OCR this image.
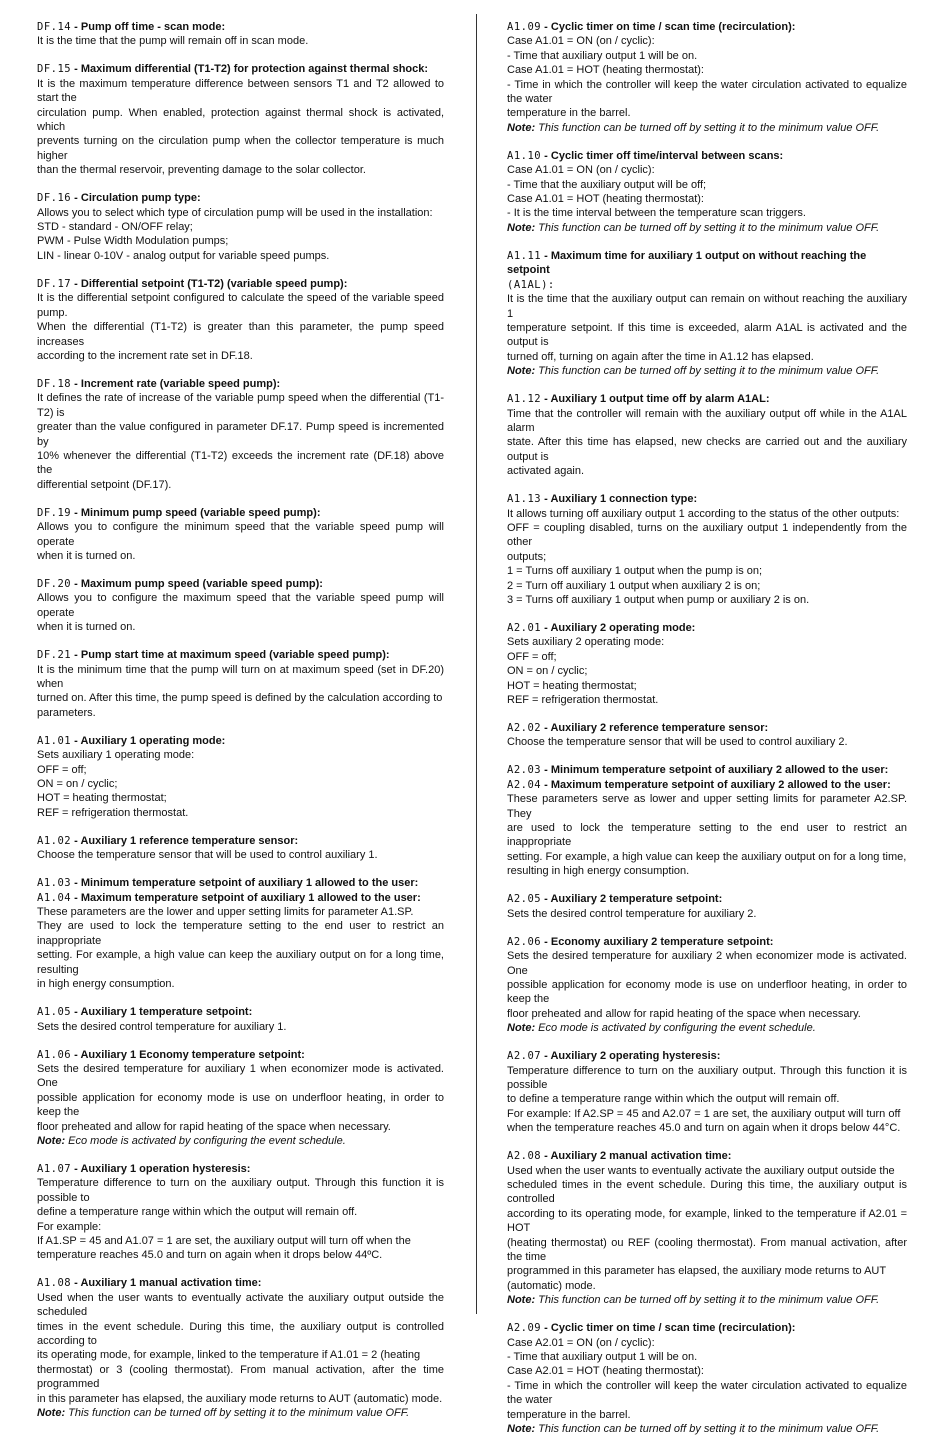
DF.14 - Pump off time - scan mode:
It is the time that the pump will remain off in scan mode.
DF.15 - Maximum differential (T1-T2) for protection against thermal shock:
It is the maximum temperature difference between sensors T1 and T2 allowed to start the
circulation pump. When enabled, protection against thermal shock is activated, which
prevents turning on the circulation pump when the collector temperature is much higher
than the thermal reservoir, preventing damage to the solar collector.
DF.16 - Circulation pump type:
Allows you to select which type of circulation pump will be used in the installation:
STD - standard - ON/OFF relay;
PWM - Pulse Width Modulation pumps;
LIN - linear 0-10V - analog output for variable speed pumps.
DF.17 - Differential setpoint (T1-T2) (variable speed pump):
It is the differential setpoint configured to calculate the speed of the variable speed pump.
When the differential (T1-T2) is greater than this parameter, the pump speed increases
according to the increment rate set in DF.18.
DF.18 - Increment rate (variable speed pump):
It defines the rate of increase of the variable pump speed when the differential (T1-T2) is
greater than the value configured in parameter DF.17. Pump speed is incremented by
10% whenever the differential (T1-T2) exceeds the increment rate (DF.18) above the
differential setpoint (DF.17).
DF.19 - Minimum pump speed (variable speed pump):
Allows you to configure the minimum speed that the variable speed pump will operate
when it is turned on.
DF.20 - Maximum pump speed (variable speed pump):
Allows you to configure the maximum speed that the variable speed pump will operate
when it is turned on.
DF.21 - Pump start time at maximum speed (variable speed pump):
It is the minimum time that the pump will turn on at maximum speed (set in DF.20) when
turned on. After this time, the pump speed is defined by the calculation according to
parameters.
A1.01 - Auxiliary 1 operating mode:
Sets auxiliary 1 operating mode:
OFF = off;
ON = on / cyclic;
HOT = heating thermostat;
REF = refrigeration thermostat.
A1.02 - Auxiliary 1 reference temperature sensor:
Choose the temperature sensor that will be used to control auxiliary 1.
A1.03 - Minimum temperature setpoint of auxiliary 1 allowed to the user:
A1.04 - Maximum temperature setpoint of auxiliary 1 allowed to the user:
These parameters are the lower and upper setting limits for parameter A1.SP.
They are used to lock the temperature setting to the end user to restrict an inappropriate
setting. For example, a high value can keep the auxiliary output on for a long time, resulting
in high energy consumption.
A1.05 - Auxiliary 1 temperature setpoint:
Sets the desired control temperature for auxiliary 1.
A1.06 - Auxiliary 1 Economy temperature setpoint:
Sets the desired temperature for auxiliary 1 when economizer mode is activated. One
possible application for economy mode is use on underfloor heating, in order to keep the
floor preheated and allow for rapid heating of the space when necessary.
Note: Eco mode is activated by configuring the event schedule.
A1.07 - Auxiliary 1 operation hysteresis:
Temperature difference to turn on the auxiliary output. Through this function it is possible to
define a temperature range within which the output will remain off.
For example:
If A1.SP = 45 and A1.07 = 1 are set, the auxiliary output will turn off when the
temperature reaches 45.0 and turn on again when it drops below 44ºC.
A1.08 - Auxiliary 1 manual activation time:
Used when the user wants to eventually activate the auxiliary output outside the scheduled
times in the event schedule. During this time, the auxiliary output is controlled according to
its operating mode, for example, linked to the temperature if A1.01 = 2 (heating
thermostat) or 3 (cooling thermostat). From manual activation, after the time programmed
in this parameter has elapsed, the auxiliary mode returns to AUT (automatic) mode.
Note: This function can be turned off by setting it to the minimum value OFF.
A1.09 - Cyclic timer on time / scan time (recirculation):
Case A1.01 = ON (on / cyclic):
- Time that auxiliary output 1 will be on.
Case A1.01 = HOT (heating thermostat):
- Time in which the controller will keep the water circulation activated to equalize the water
temperature in the barrel.
Note: This function can be turned off by setting it to the minimum value OFF.
A1.10 - Cyclic timer off time/interval between scans:
Case A1.01 = ON (on / cyclic):
- Time that the auxiliary output will be off;
Case A1.01 = HOT (heating thermostat):
- It is the time interval between the temperature scan triggers.
Note: This function can be turned off by setting it to the minimum value OFF.
A1.11 - Maximum time for auxiliary 1 output on without reaching the setpoint
(A1AL):
It is the time that the auxiliary output can remain on without reaching the auxiliary 1
temperature setpoint. If this time is exceeded, alarm A1AL is activated and the output is
turned off, turning on again after the time in A1.12 has elapsed.
Note: This function can be turned off by setting it to the minimum value OFF.
A1.12 - Auxiliary 1 output time off by alarm A1AL:
Time that the controller will remain with the auxiliary output off while in the A1AL alarm
state. After this time has elapsed, new checks are carried out and the auxiliary output is
activated again.
A1.13 - Auxiliary 1 connection type:
It allows turning off auxiliary output 1 according to the status of the other outputs:
OFF = coupling disabled, turns on the auxiliary output 1 independently from the other
outputs;
1 = Turns off auxiliary 1 output when the pump is on;
2 = Turn off auxiliary 1 output when auxiliary 2 is on;
3 = Turns off auxiliary 1 output when pump or auxiliary 2 is on.
A2.01 - Auxiliary 2 operating mode:
Sets auxiliary 2 operating mode:
OFF = off;
ON = on / cyclic;
HOT = heating thermostat;
REF = refrigeration thermostat.
A2.02 - Auxiliary 2 reference temperature sensor:
Choose the temperature sensor that will be used to control auxiliary 2.
A2.03 - Minimum temperature setpoint of auxiliary 2 allowed to the user:
A2.04 - Maximum temperature setpoint of auxiliary 2 allowed to the user:
These parameters serve as lower and upper setting limits for parameter A2.SP. They
are used to lock the temperature setting to the end user to restrict an inappropriate
setting. For example, a high value can keep the auxiliary output on for a long time,
resulting in high energy consumption.
A2.05 - Auxiliary 2 temperature setpoint:
Sets the desired control temperature for auxiliary 2.
A2.06 - Economy auxiliary 2 temperature setpoint:
Sets the desired temperature for auxiliary 2 when economizer mode is activated. One
possible application for economy mode is use on underfloor heating, in order to keep the
floor preheated and allow for rapid heating of the space when necessary.
Note: Eco mode is activated by configuring the event schedule.
A2.07 - Auxiliary 2 operating hysteresis:
Temperature difference to turn on the auxiliary output. Through this function it is possible
to define a temperature range within which the output will remain off.
For example: If A2.SP = 45 and A2.07 = 1 are set, the auxiliary output will turn off
when the temperature reaches 45.0 and turn on again when it drops below 44°C.
A2.08 - Auxiliary 2 manual activation time:
Used when the user wants to eventually activate the auxiliary output outside the
scheduled times in the event schedule. During this time, the auxiliary output is controlled
according to its operating mode, for example, linked to the temperature if A2.01 = HOT
(heating thermostat) ou REF (cooling thermostat). From manual activation, after the time
programmed in this parameter has elapsed, the auxiliary mode returns to AUT
(automatic) mode.
Note: This function can be turned off by setting it to the minimum value OFF.
A2.09 - Cyclic timer on time / scan time (recirculation):
Case A2.01 = ON (on / cyclic):
- Time that auxiliary output 1 will be on.
Case A2.01 = HOT (heating thermostat):
- Time in which the controller will keep the water circulation activated to equalize the water
temperature in the barrel.
Note: This function can be turned off by setting it to the minimum value OFF.
